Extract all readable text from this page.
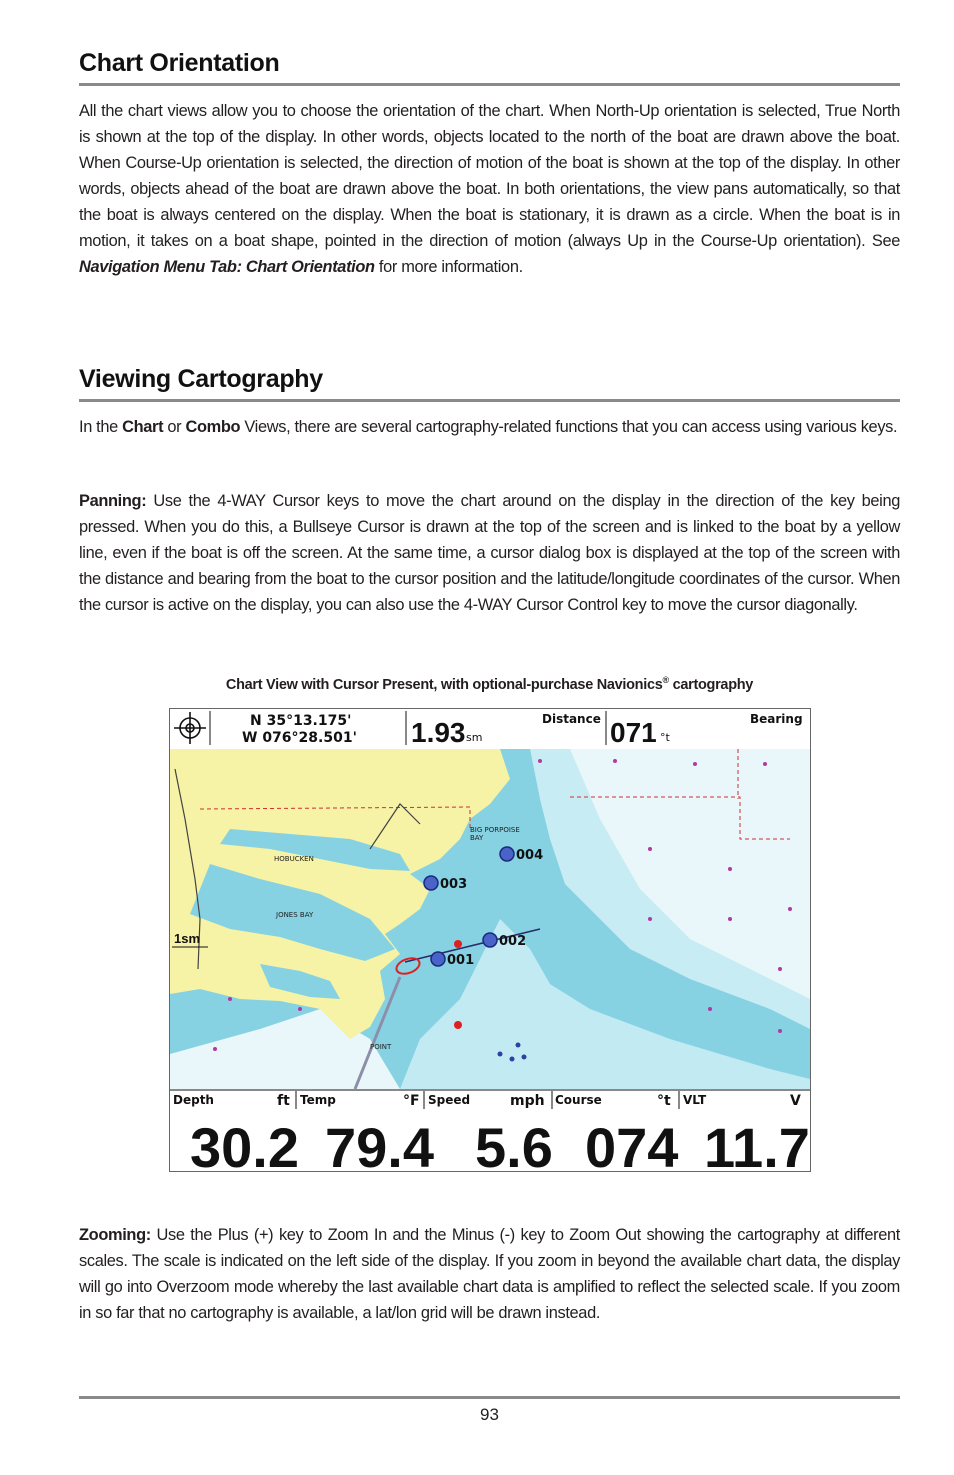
Chart Orientation

All the chart views allow you to choose the orientation of the chart. When North-Up orientation is selected, True North is shown at the top of the display. In other words, objects located to the north of the boat are drawn above the boat. When Course-Up orientation is selected, the direction of motion of the boat is shown at the top of the display. In other words, objects ahead of the boat are drawn above the boat. In both orientations, the view pans automatically, so that the boat is always centered on the display. When the boat is stationary, it is drawn as a circle. When the boat is in motion, it takes on a boat shape, pointed in the direction of motion (always Up in the Course-Up orientation). See Navigation Menu Tab: Chart Orientation for more information.

Viewing Cartography

In the Chart or Combo Views, there are several cartography-related functions that you can access using various keys.

Panning: Use the 4-WAY Cursor keys to move the chart around on the display in the direction of the key being pressed. When you do this, a Bullseye Cursor is drawn at the top of the screen and is linked to the boat by a yellow line, even if the boat is off the screen. At the same time, a cursor dialog box is displayed at the top of the screen with the distance and bearing from the boat to the cursor position and the latitude/longitude coordinates of the cursor. When the cursor is active on the display, you can also use the 4-WAY Cursor Control key to move the cursor diagonally.

Chart View with Cursor Present, with optional-purchase Navionics® cartography
N 35°13.175'
W 076°28.501' 1.93 sm
Distance 071 °t
Bearing
1sm
BIG PORPOISE
BAY
HOBUCKEN
JONES BAY
POINT
004
003
002
001
Depth	ft
30.2
Temp	°F
79.4
Speed	mph
5.6
Course	°t
074
VLT	V
11.7

Zooming: Use the Plus (+) key to Zoom In and the Minus (-) key to Zoom Out showing the cartography at different scales. The scale is indicated on the left side of the display. If you zoom in beyond the available chart data, the display will go into Overzoom mode whereby the last available chart data is amplified to reflect the selected scale. If you zoom in so far that no cartography is available, a lat/lon grid will be drawn instead.

93
